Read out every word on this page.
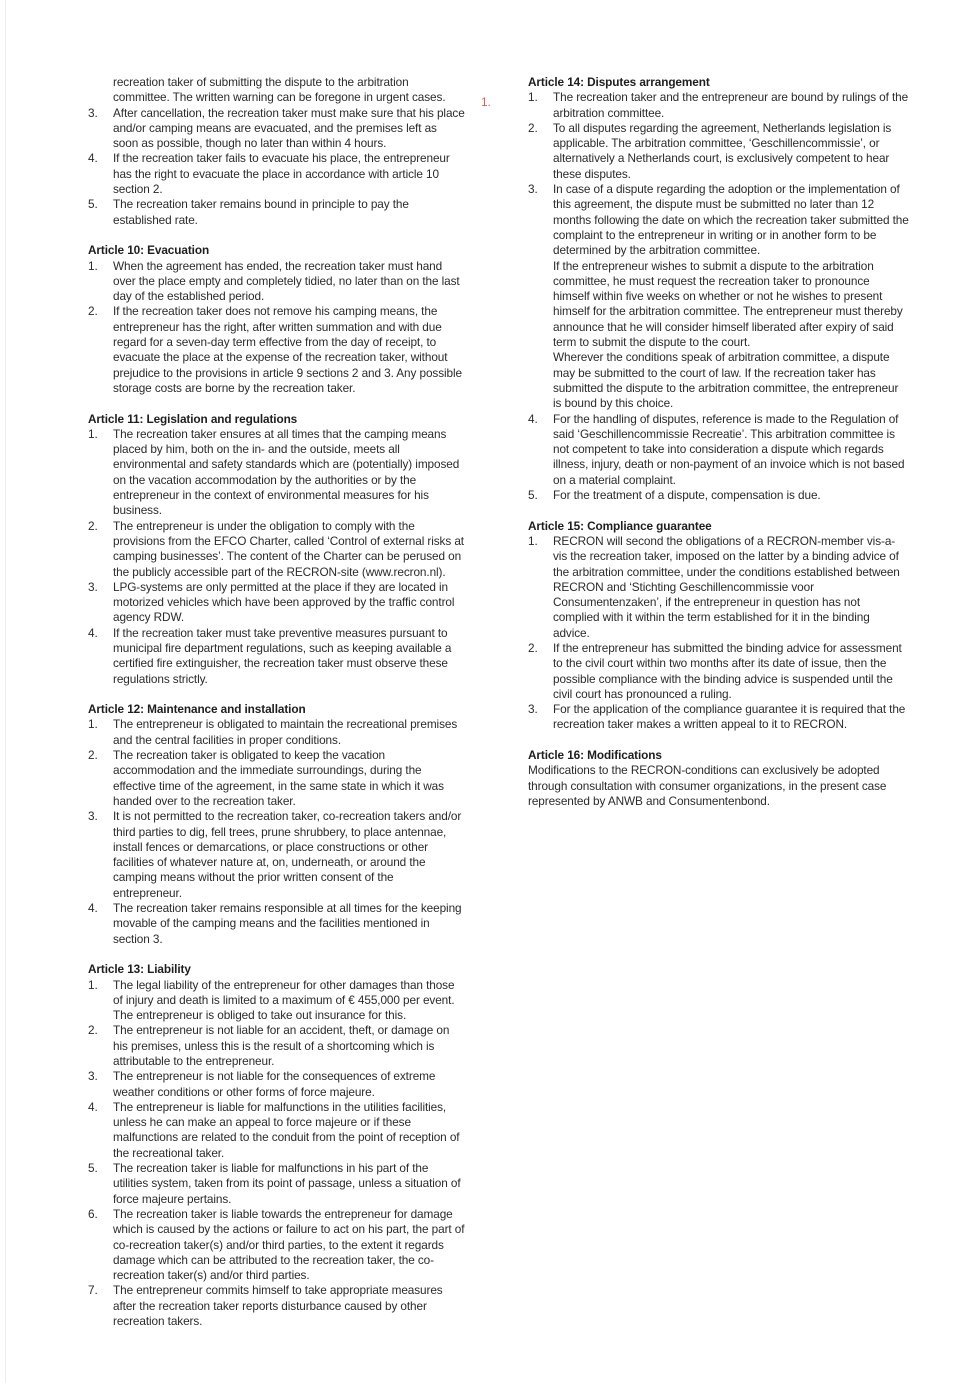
1.

recreation taker of submitting the dispute to the arbitration committee. The written warning can be foregone in urgent cases.

3.	After cancellation, the recreation taker must make sure that his place and/or camping means are evacuated, and the premises left as soon as possible, though no later than within 4 hours.

4.	If the recreation taker fails to evacuate his place, the entrepreneur has the right to evacuate the place in accordance with article 10 section 2.

5.	The recreation taker remains bound in principle to pay the established rate.

Article 10: Evacuation
1.	When the agreement has ended, the recreation taker must hand over the place empty and completely tidied, no later than on the last day of the established period.

2.	If the recreation taker does not remove his camping means, the entrepreneur has the right, after written summation and with due regard for a seven-day term effective from the day of receipt, to evacuate the place at the expense of the recreation taker, without prejudice to the provisions in article 9 sections 2 and 3. Any possible storage costs are borne by the recreation taker.

Article 11: Legislation and regulations
1.	The recreation taker ensures at all times that the camping means placed by him, both on the in- and the outside, meets all environmental and safety standards which are (potentially) imposed on the vacation accommodation by the authorities or by the entrepreneur in the context of environmental measures for his business.

2.	The entrepreneur is under the obligation to comply with the provisions from the EFCO Charter, called ‘Control of external risks at camping businesses’. The content of the Charter can be perused on the publicly accessible part of the RECRON-site (www.recron.nl).

3.	LPG-systems are only permitted at the place if they are located in motorized vehicles which have been approved by the traffic control agency RDW.

4.	If the recreation taker must take preventive measures pursuant to municipal fire department regulations, such as keeping available a certified fire extinguisher, the recreation taker must observe these regulations strictly.

Article 12: Maintenance and installation
1.	The entrepreneur is obligated to maintain the recreational premises and the central facilities in proper conditions.

2.	The recreation taker is obligated to keep the vacation accommodation and the immediate surroundings, during the effective time of the agreement, in the same state in which it was handed over to the recreation taker.

3.	It is not permitted to the recreation taker, co-recreation takers and/or third parties to dig, fell trees, prune shrubbery, to place antennae, install fences or demarcations, or place constructions or other facilities of whatever nature at, on, underneath, or around the camping means without the prior written consent of the entrepreneur.

4.	The recreation taker remains responsible at all times for the keeping movable of the camping means and the facilities mentioned in section 3.

Article 13: Liability
1.	The legal liability of the entrepreneur for other damages than those of injury and death is limited to a maximum of € 455,000 per event. The entrepreneur is obliged to take out insurance for this.

2.	The entrepreneur is not liable for an accident, theft, or damage on his premises, unless this is the result of a shortcoming which is attributable to the entrepreneur.

3.	The entrepreneur is not liable for the consequences of extreme weather conditions or other forms of force majeure.

4.	The entrepreneur is liable for malfunctions in the utilities facilities, unless he can make an appeal to force majeure or if these malfunctions are related to the conduit from the point of reception of the recreational taker.

5.	The recreation taker is liable for malfunctions in his part of the utilities system, taken from its point of passage, unless a situation of force majeure pertains.

6.	The recreation taker is liable towards the entrepreneur for damage which is caused by the actions or failure to act on his part, the part of co-recreation taker(s) and/or third parties, to the extent it regards damage which can be attributed to the recreation taker, the co-recreation taker(s) and/or third parties.

7.	The entrepreneur commits himself to take appropriate measures after the recreation taker reports disturbance caused by other recreation takers.

Article 14: Disputes arrangement
1.	The recreation taker and the entrepreneur are bound by rulings of the arbitration committee.

2.	To all disputes regarding the agreement, Netherlands legislation is applicable. The arbitration committee, ‘Geschillencommissie’, or alternatively a Netherlands court, is exclusively competent to hear these disputes.

3.	In case of a dispute regarding the adoption or the implementation of this agreement, the dispute must be submitted no later than 12 months following the date on which the recreation taker submitted the complaint to the entrepreneur in writing or in another form to be determined by the arbitration committee.

If the entrepreneur wishes to submit a dispute to the arbitration committee, he must request the recreation taker to pronounce himself within five weeks on whether or not he wishes to present himself for the arbitration committee. The entrepreneur must thereby announce that he will consider himself liberated after expiry of said term to submit the dispute to the court.

Wherever the conditions speak of arbitration committee, a dispute may be submitted to the court of law. If the recreation taker has submitted the dispute to the arbitration committee, the entrepreneur is bound by this choice.

4.	For the handling of disputes, reference is made to the Regulation of said ‘Geschillencommissie Recreatie’. This arbitration committee is not competent to take into consideration a dispute which regards illness, injury, death or non-payment of an invoice which is not based on a material complaint.

5.	For the treatment of a dispute, compensation is due.

Article 15: Compliance guarantee
1.	RECRON will second the obligations of a RECRON-member vis-a-vis the recreation taker, imposed on the latter by a binding advice of the arbitration committee, under the conditions established between RECRON and ‘Stichting Geschillencommissie voor Consumentenzaken’, if the entrepreneur in question has not complied with it within the term established for it in the binding advice.

2.	If the entrepreneur has submitted the binding advice for assessment to the civil court within two months after its date of issue, then the possible compliance with the binding advice is suspended until the civil court has pronounced a ruling.

3.	For the application of the compliance guarantee it is required that the recreation taker makes a written appeal to it to RECRON.

Article 16: Modifications

Modifications to the RECRON-conditions can exclusively be adopted through consultation with consumer organizations, in the present case represented by ANWB and Consumentenbond.
